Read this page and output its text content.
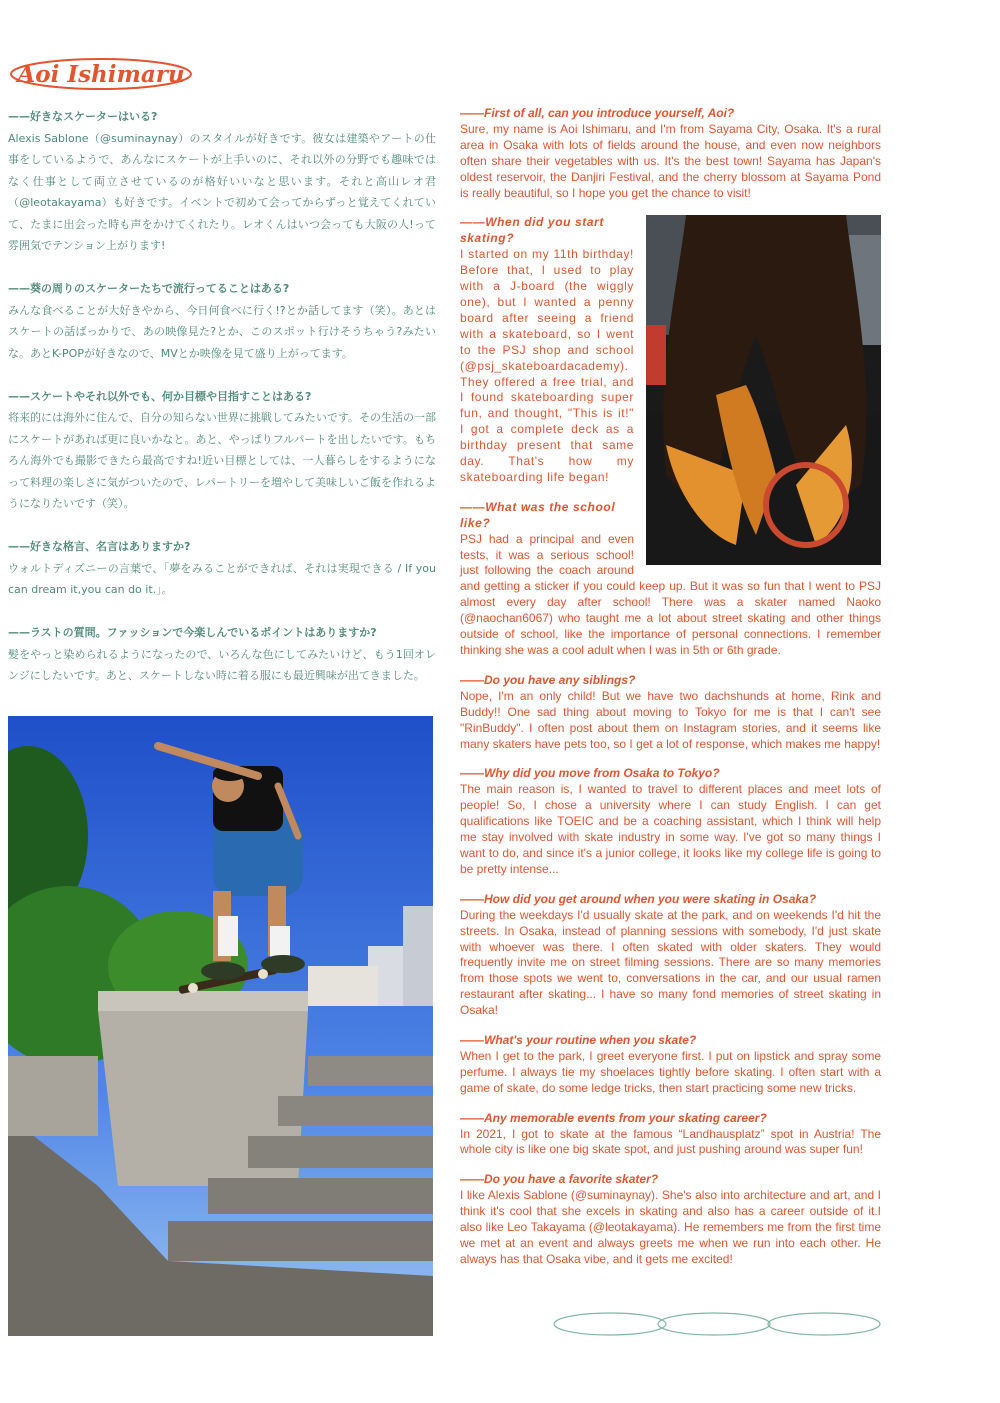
Aoi Ishimaru

——好きなスケーターはいる?

Alexis Sablone（@suminaynay）のスタイルが好きです。彼女は建築やアートの仕事をしているようで、あんなにスケートが上手いのに、それ以外の分野でも趣味ではなく仕事として両立させているのが格好いいなと思います。それと高山レオ君（@leotakayama）も好きです。イベントで初めて会ってからずっと覚えてくれていて、たまに出会った時も声をかけてくれたり。レオくんはいつ会っても大阪の人!って雰囲気でテンション上がります!

——葵の周りのスケーターたちで流行ってることはある?

みんな食べることが大好きやから、今日何食べに行く!?とか話してます（笑）。あとはスケートの話ばっかりで、あの映像見た?とか、このスポット行けそうちゃう?みたいな。あとK-POPが好きなので、MVとか映像を見て盛り上がってます。

——スケートやそれ以外でも、何か目標や目指すことはある?

将来的には海外に住んで、自分の知らない世界に挑戦してみたいです。その生活の一部にスケートがあれば更に良いかなと。あと、やっぱりフルパートを出したいです。もちろん海外でも撮影できたら最高ですね!近い目標としては、一人暮らしをするようになって料理の楽しさに気がついたので、レパートリーを増やして美味しいご飯を作れるようになりたいです（笑）。

——好きな格言、名言はありますか?

ウォルトディズニーの言葉で、「夢をみることができれば、それは実現できる / If you can dream it,you can do it.」。

——ラストの質問。ファッションで今楽しんでいるポイントはありますか?

髪をやっと染められるようになったので、いろんな色にしてみたいけど、もう1回オレンジにしたいです。あと、スケートしない時に着る服にも最近興味が出てきました。

——First of all, can you introduce yourself, Aoi?

Sure, my name is Aoi Ishimaru, and I'm from Sayama City, Osaka. It's a rural area in Osaka with lots of fields around the house, and even now neighbors often share their vegetables with us. It's the best town! Sayama has Japan's oldest reservoir, the Danjiri Festival, and the cherry blossom at Sayama Pond is really beautiful, so I hope you get the chance to visit!

——When did you start skating?

I started on my 11th birthday! Before that, I used to play with a J-board (the wiggly one), but I wanted a penny board after seeing a friend with a skateboard, so I went to the PSJ shop and school (@psj_skateboardacademy). They offered a free trial, and I found skateboarding super fun, and thought, "This is it!" I got a complete deck as a birthday present that same day. That's how my skateboarding life began!

——What was the school like?

PSJ had a principal and even tests, it was a serious school! just following the coach around and getting a sticker if you could keep up. But it was so fun that I went to PSJ almost every day after school! There was a skater named Naoko (@naochan6067) who taught me a lot about street skating and other things outside of school, like the importance of personal connections. I remember thinking she was a cool adult when I was in 5th or 6th grade.

——Do you have any siblings?

Nope, I'm an only child! But we have two dachshunds at home, Rink and Buddy!! One sad thing about moving to Tokyo for me is that I can't see "RinBuddy". I often post about them on Instagram stories, and it seems like many skaters have pets too, so I get a lot of response, which makes me happy!

——Why did you move from Osaka to Tokyo?

The main reason is, I wanted to travel to different places and meet lots of people! So, I chose a university where I can study English. I can get qualifications like TOEIC and be a coaching assistant, which I think will help me stay involved with skate industry in some way. I've got so many things I want to do, and since it's a junior college, it looks like my college life is going to be pretty intense...

——How did you get around when you were skating in Osaka?

During the weekdays I'd usually skate at the park, and on weekends I'd hit the streets. In Osaka, instead of planning sessions with somebody, I'd just skate with whoever was there. I often skated with older skaters. They would frequently invite me on street filming sessions. There are so many memories from those spots we went to, conversations in the car, and our usual ramen restaurant after skating... I have so many fond memories of street skating in Osaka!

——What's your routine when you skate?

When I get to the park, I greet everyone first. I put on lipstick and spray some perfume. I always tie my shoelaces tightly before skating. I often start with a game of skate, do some ledge tricks, then start practicing some new tricks.

——Any memorable events from your skating career?

In 2021, I got to skate at the famous “Landhausplatz” spot in Austria! The whole city is like one big skate spot, and just pushing around was super fun!

——Do you have a favorite skater?

I like Alexis Sablone (@suminaynay). She's also into architecture and art, and I think it's cool that she excels in skating and also has a career outside of it.I also like Leo Takayama (@leotakayama). He remembers me from the first time we met at an event and always greets me when we run into each other. He always has that Osaka vibe, and it gets me excited!
